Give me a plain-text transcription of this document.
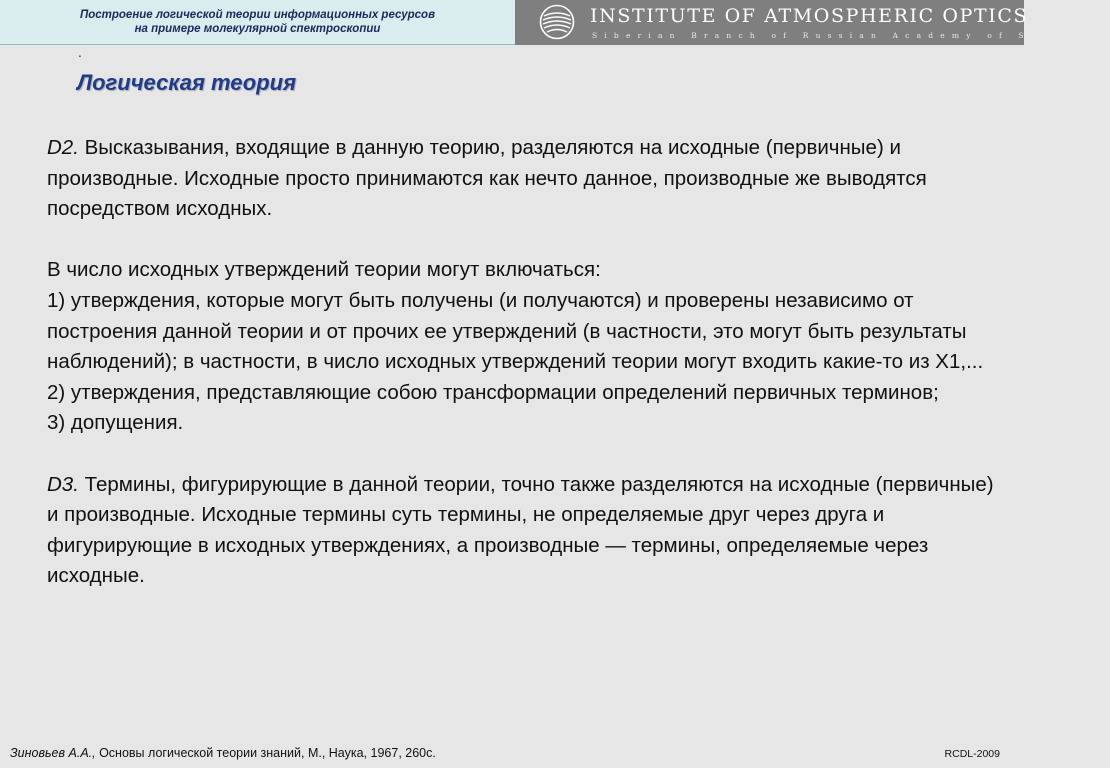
Построение логической теории информационных ресурсов
на примере молекулярной спектроскопии
INSTITUTE OF ATMOSPHERIC OPTICS
Siberian Branch of Russian Academy of Sciences
.
Логическая теория

D2. Высказывания, входящие в данную теорию, разделяются на исходные (первичные) и производные. Исходные просто принимаются как нечто данное, производные же выводятся посредством исходных.

В число исходных утверждений теории могут включаться:

1) утверждения, которые могут быть получены (и получаются) и проверены независимо от построения данной теории и от прочих ее утверждений (в частности, это могут быть результаты наблюдений); в частности, в число исходных утверждений теории могут входить какие-то из Х1,...

2) утверждения, представляющие собою трансформации определений первичных терминов;

3) допущения.

D3. Термины, фигурирующие в данной теории, точно также разделяются на исходные (первичные) и производные. Исходные термины суть термины, не определяемые друг через друга и фигурирующие в исходных утверждениях, а производные — термины, определяемые через исходные.

Зиновьев А.А., Основы логической теории знаний, М., Наука, 1967, 260с.	RCDL-2009
